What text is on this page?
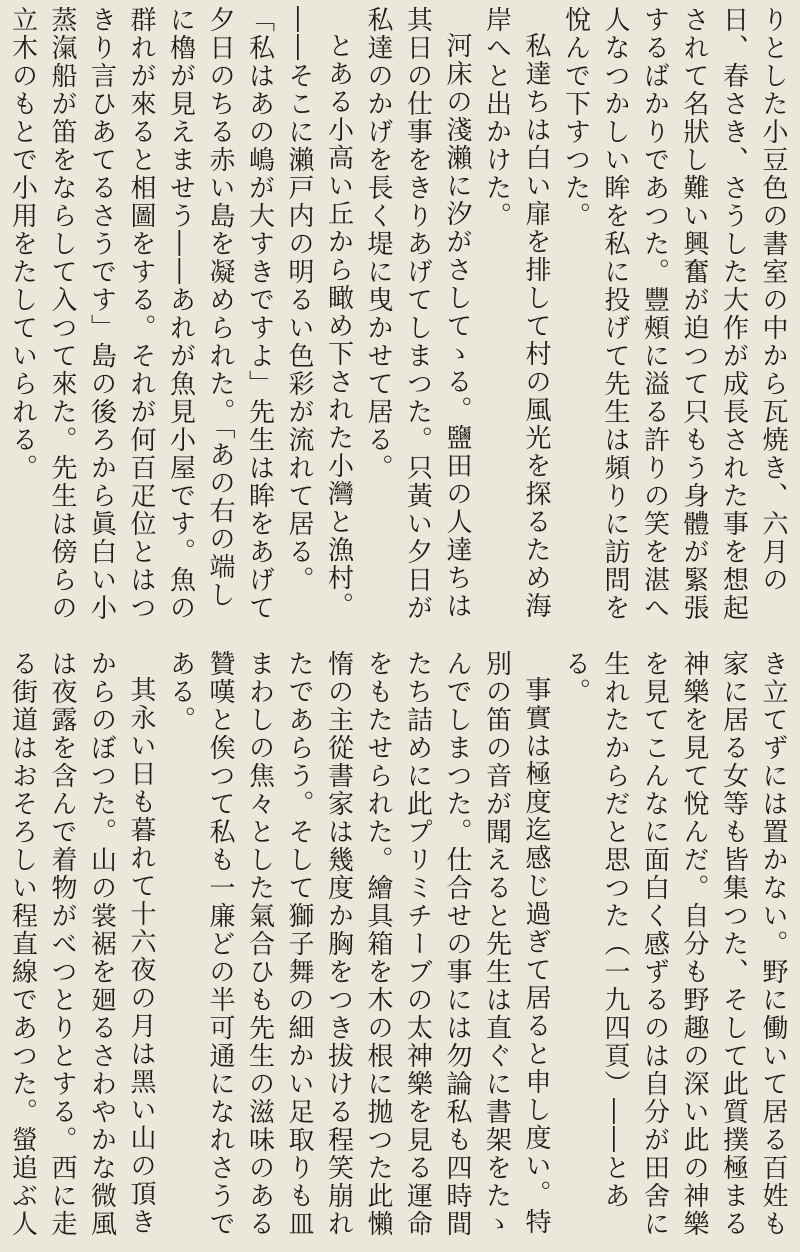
りとした小豆色の書室の中から瓦焼き、六月の日、春さき、さうした大作が成長された事を想起されて名狀し難い興奮が迫つて只もう身體が緊張するばかりであつた。豐頰に溢る許りの笑を湛へ人なつかしい眸を私に投げて先生は頻りに訪問を悅んで下すつた。

私達ちは白い扉を排して村の風光を探るため海岸へと出かけた。

河床の淺瀨に汐がさしてゝる。鹽田の人達ちは其日の仕事をきりあげてしまつた。只黃い夕日が私達のかげを長く堤に曳かせて居る。

とある小高い丘から瞰め下された小灣と漁村。――そこに瀨戸内の明るい色彩が流れて居る。「私はあの嶋が大すきですよ」先生は眸をあげて夕日のちる赤い島を凝められた。「あの右の端しに櫓が見えませう――あれが魚見小屋です。魚の群れが來ると相圖をする。それが何百疋位とはつきり言ひあてるさうです」島の後ろから眞白い小蒸滊船が笛をならして入つて來た。先生は傍らの立木のもとで小用をたしていられる。

き立てずには置かない。野に働いて居る百姓も家に居る女等も皆集つた、そして此質撲極まる神樂を見て悅んだ。自分も野趣の深い此の神樂を見てこんなに面白く感ずるのは自分が田舍に生れたからだと思つた（一九四頁）――とある。

事實は極度迄感じ過ぎて居ると申し度い。特別の笛の音が聞えると先生は直ぐに書架をたゝんでしまつた。仕合せの事には勿論私も四時間たち詰めに此プリミチーブの太神樂を見る運命をもたせられた。繪具箱を木の根に拋つた此懶惰の主從書家は幾度か胸をつき拔ける程笑崩れたであらう。そして獅子舞の細かい足取りも皿まわしの焦々とした氣合ひも先生の滋味のある贊嘆と俟つて私も一廉どの半可通になれさうである。

其永い日も暮れて十六夜の月は黑い山の頂きからのぼつた。山の裳裾を廻るさわやかな微風は夜露を含んで着物がべつとりとする。西に走る街道はおそろしい程直線であつた。螢追ぶ人
